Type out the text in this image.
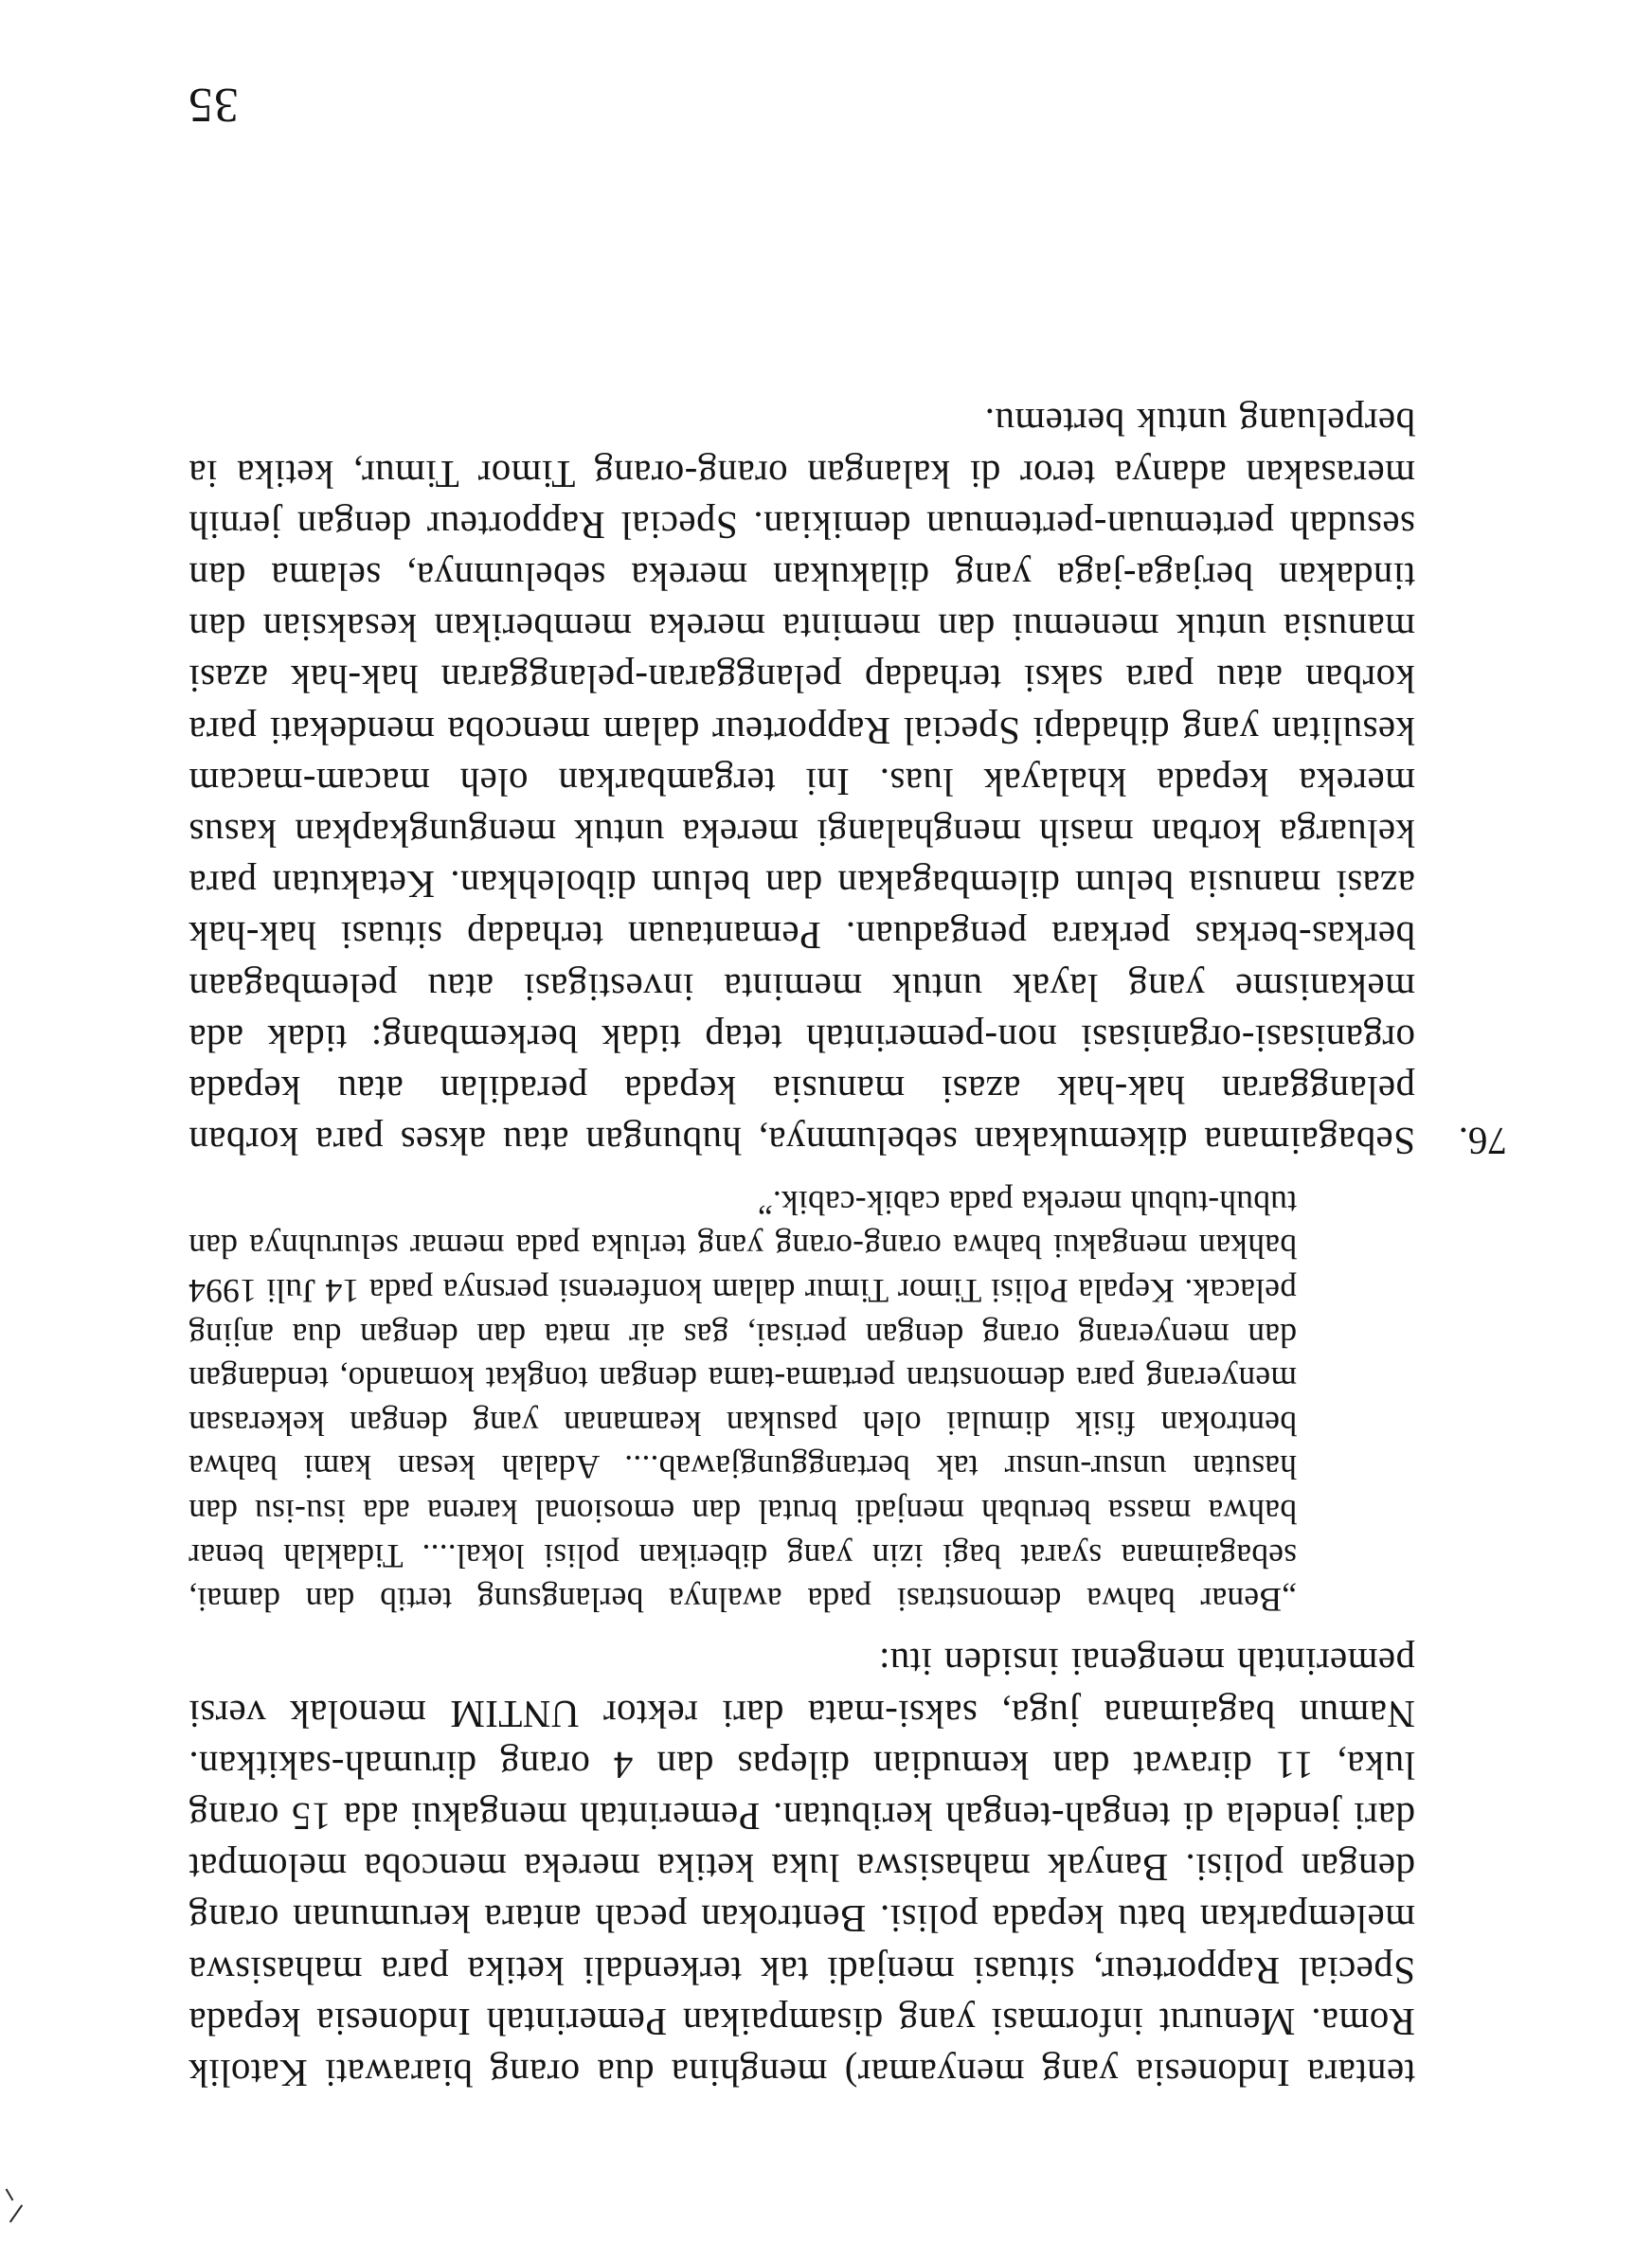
tentara Indonesia yang menyamar) menghina dua orang biarawati Katolik Roma. Menurut informasi yang disampaikan Pemerintah Indonesia kepada Special Rapporteur, situasi menjadi tak terkendali ketika para mahasiswa melemparkan batu kepada polisi. Bentrokan pecah antara kerumunan orang dengan polisi. Banyak mahasiswa luka ketika mereka mencoba melompat dari jendela di tengah-tengah keributan. Pemerintah mengakui ada 15 orang luka, 11 dirawat dan kemudian dilepas dan 4 orang dirumah-sakitkan. Namun bagaimana juga, saksi-mata dari rektor UNTIM menolak versi pemerintah mengenai insiden itu:

„Benar bahwa demonstrasi pada awalnya berlangsung tertib dan damai, sebagaimana syarat bagi izin yang diberikan polisi lokal.... Tidaklah benar bahwa massa berubah menjadi brutal dan emosional karena ada isu-isu dan hasutan unsur-unsur tak bertanggungjawab.... Adalah kesan kami bahwa bentrokan fisik dimulai oleh pasukan keamanan yang dengan kekerasan menyerang para demonstran pertama-tama dengan tongkat komando, tendangan dan menyerang orang dengan perisai, gas air mata dan dengan dua anjing pelacak. Kepala Polisi Timor Timur dalam konferensi persnya pada 14 Juli 1994 bahkan mengakui bahwa orang-orang yang terluka pada memar seluruhnya dan tubuh-tubuh mereka pada cabik-cabik.”

76.

Sebagaimana dikemukakan sebelumnya, hubungan atau akses para korban pelanggaran hak-hak azasi manusia kepada peradilan atau kepada organisasi-organisasi non-pemerintah tetap tidak berkembang: tidak ada mekanisme yang layak untuk meminta investigasi atau pelembagaan berkas-berkas perkara pengaduan. Pemantauan terhadap situasi hak-hak azasi manusia belum dilembagakan dan belum dibolehkan. Ketakutan para keluarga korban masih menghalangi mereka untuk mengungkapkan kasus mereka kepada khalayak luas. Ini tergambarkan oleh macam-macam kesulitan yang dihadapi Special Rapporteur dalam mencoba mendekati para korban atau para saksi terhadap pelanggaran-pelanggaran hak-hak azasi manusia untuk menemui dan meminta mereka memberikan kesaksian dan tindakan berjaga-jaga yang dilakukan mereka sebelumnya, selama dan sesudah pertemuan-pertemuan demikian. Special Rapporteur dengan jernih merasakan adanya teror di kalangan orang-orang Timor Timur, ketika ia berpeluang untuk bertemu.

35
